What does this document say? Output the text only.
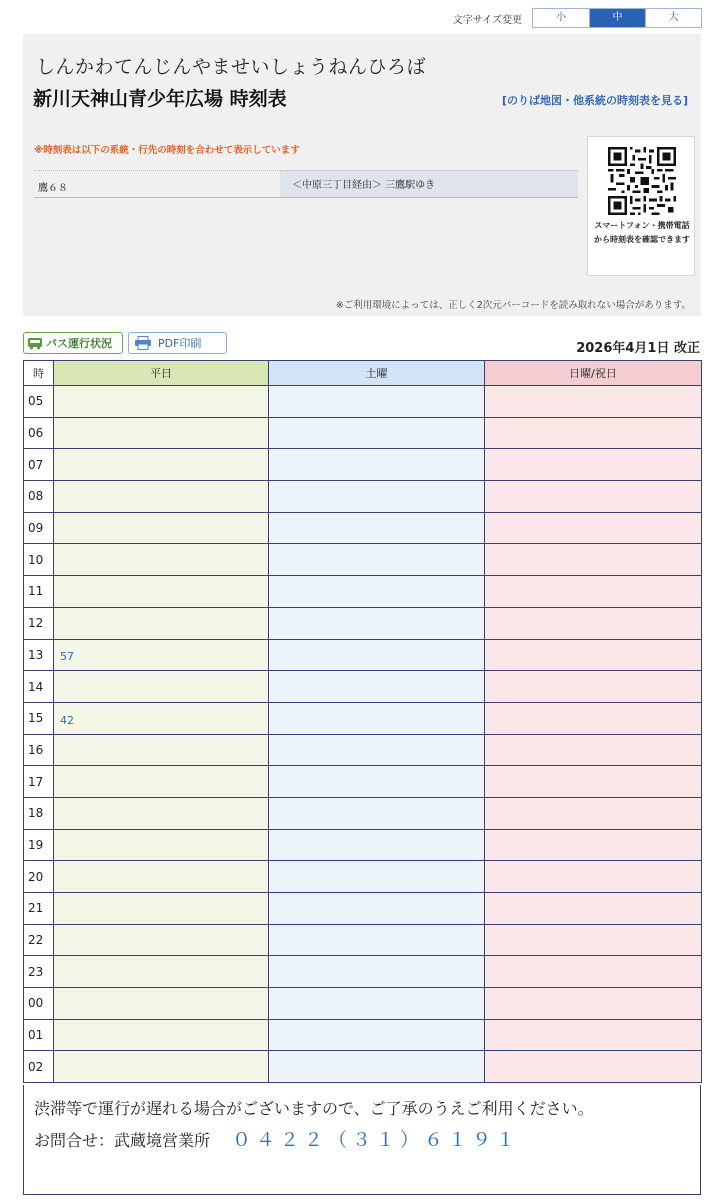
文字サイズ変更	小	中	大
しんかわてんじんやませいしょうねんひろば
新川天神山青少年広場 時刻表	[のりば地図・他系統の時刻表を見る]
※時刻表は以下の系統・行先の時刻を合わせて表示しています
鷹６８	＜中原三丁目経由＞ 三鷹駅ゆき
スマートフォン・携帯電話から時刻表を確認できます
※ご利用環境によっては、正しく2次元バーコードを読み取れない場合があります。
バス運行状況	PDF印刷	2026年4月1日 改正
時	平日	土曜	日曜/祝日
05			
06			
07			
08			
09			
10			
11			
12			
13	57		
14			
15	42		
16			
17			
18			
19			
20			
21			
22			
23			
00			
01			
02			
渋滞等で運行が遅れる場合がございますので、ご了承のうえご利用ください。
お問合せ：武蔵境営業所 ０４２２（３１）６１９１
